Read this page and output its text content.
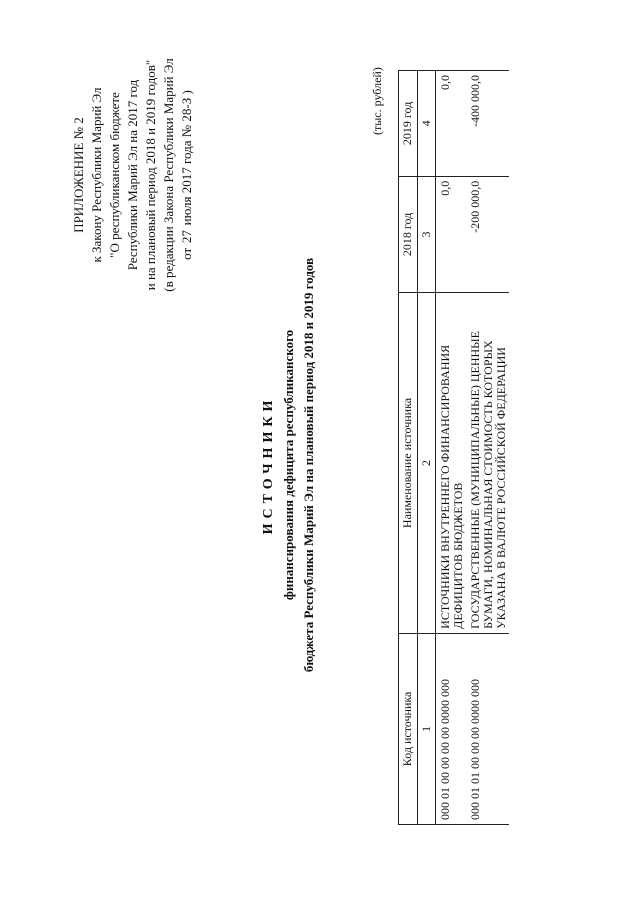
ПРИЛОЖЕНИЕ № 2 к Закону Республики Марий Эл "О республиканском бюджете Республики Марий Эл на 2017 год и на плановый период 2018 и 2019 годов" (в редакции Закона Республики Марий Эл от 27 июля 2017 года № 28-З )
ИСТОЧНИКИ финансирования дефицита республиканского бюджета Республики Марий Эл на плановый период 2018 и 2019 годов
(тыс. рублей)
Код источника	Наименование источника	2018 год	2019 год
1	2	3	4
000 01 00 00 00 00 0000 000	ИСТОЧНИКИ ВНУТРЕННЕГО ФИНАНСИРОВАНИЯ ДЕФИЦИТОВ БЮДЖЕТОВ	0,0	0,0
000 01 01 00 00 00 0000 000	ГОСУДАРСТВЕННЫЕ (МУНИЦИПАЛЬНЫЕ) ЦЕННЫЕ БУМАГИ, НОМИНАЛЬНАЯ СТОИМОСТЬ КОТОРЫХ УКАЗАНА В ВАЛЮТЕ РОССИЙСКОЙ ФЕДЕРАЦИИ	-200 000,0	-400 000,0
